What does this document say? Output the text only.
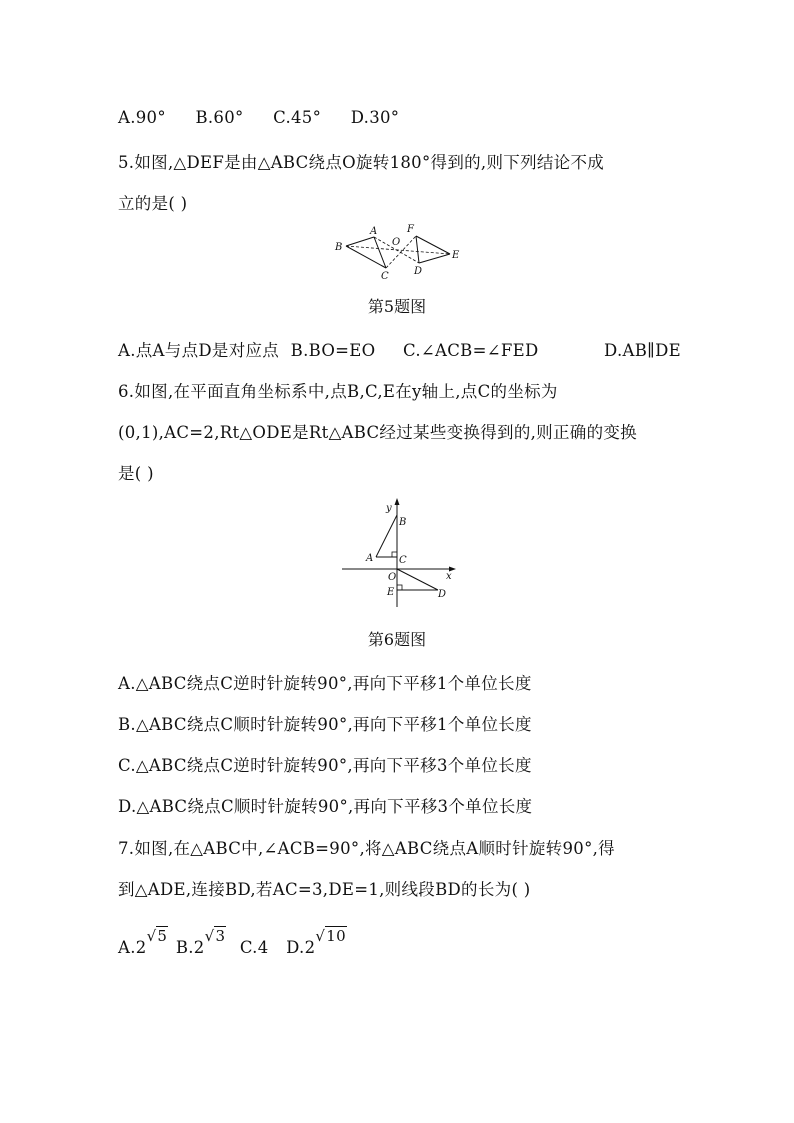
A.90° B.60° C.45° D.30°
5.如图,△DEF是由△ABC绕点O旋转180°得到的,则下列结论不成
立的是( )
B
A
C
O
F
D
E
第5题图
A.点A与点D是对应点 B.BO=EO C.∠ACB=∠FED	D.AB∥DE
6.如图,在平面直角坐标系中,点B,C,E在y轴上,点C的坐标为
(0,1),AC=2,Rt△ODE是Rt△ABC经过某些变换得到的,则正确的变换
是( )
y
x
B
A	C
O
E	D
第6题图
A.△ABC绕点C逆时针旋转90°,再向下平移1个单位长度
B.△ABC绕点C顺时针旋转90°,再向下平移1个单位长度
C.△ABC绕点C逆时针旋转90°,再向下平移3个单位长度
D.△ABC绕点C顺时针旋转90°,再向下平移3个单位长度
7.如图,在△ABC中,∠ACB=90°,将△ABC绕点A顺时针旋转90°,得
到△ADE,连接BD,若AC=3,DE=1,则线段BD的长为( )
A.2√5 B.2√3 C.4 D.2√10
